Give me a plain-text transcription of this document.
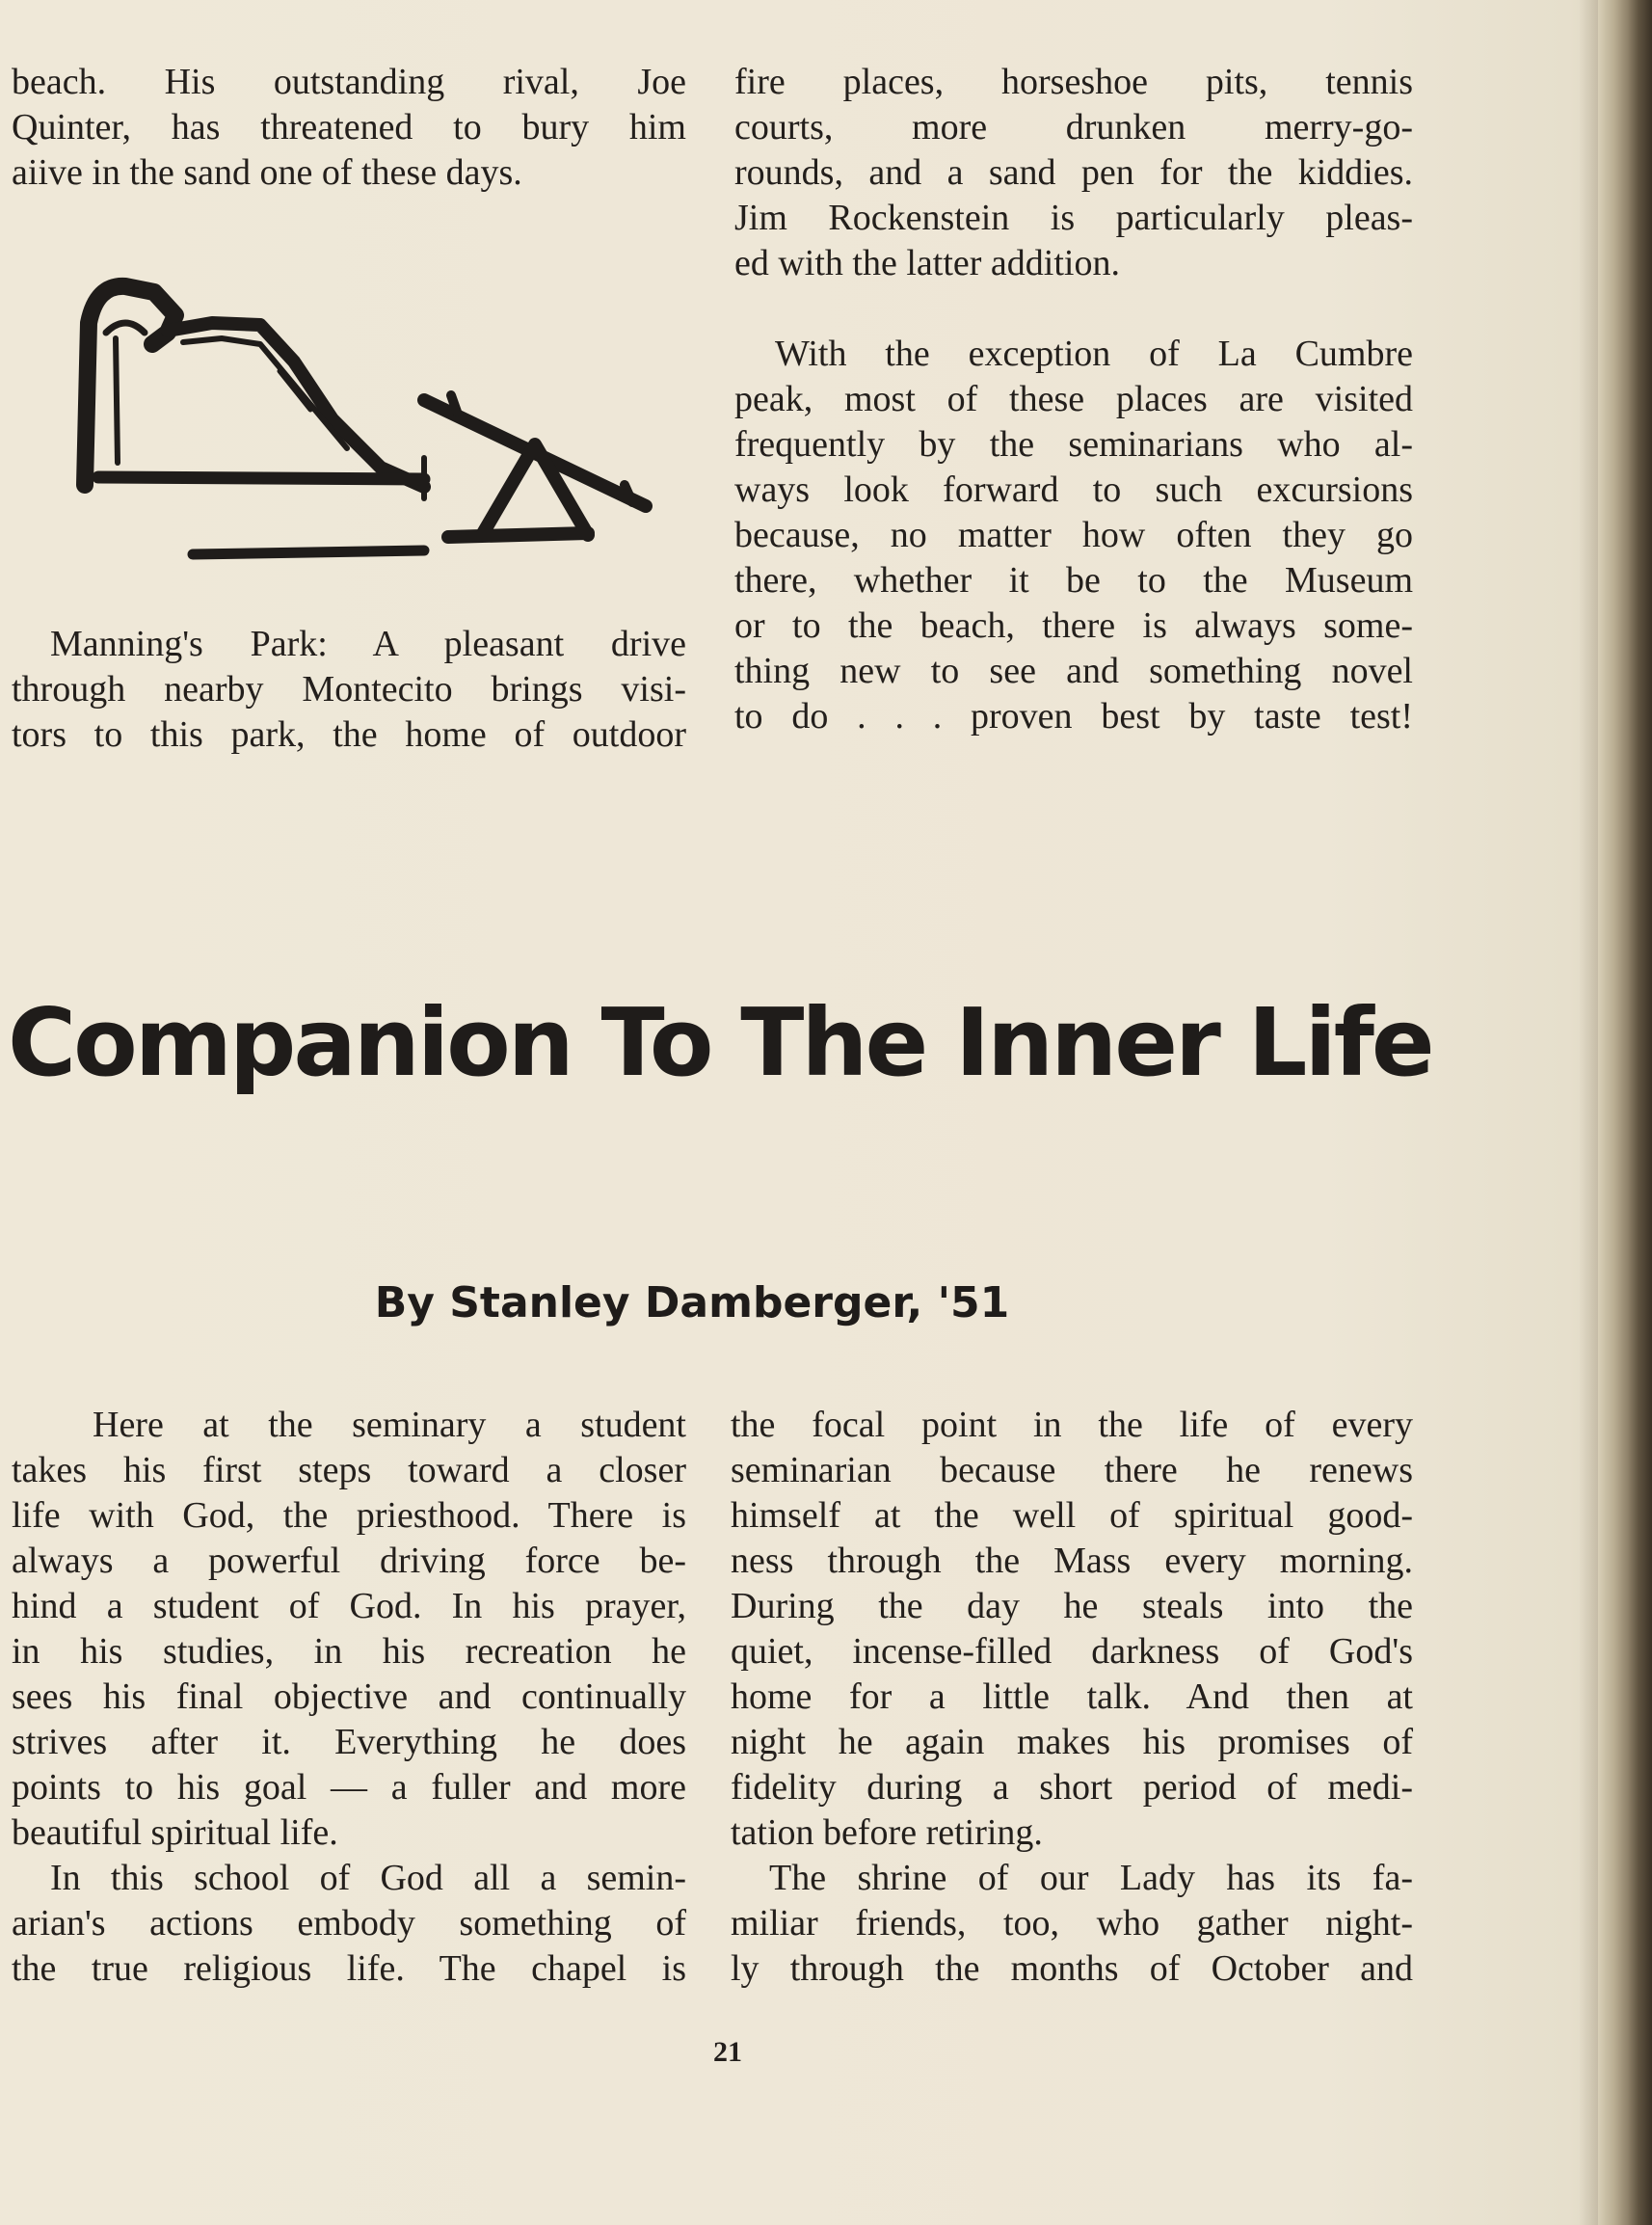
beach. His outstanding rival, Joe

Quinter, has threatened to bury him

aiive in the sand one of these days.

Manning's Park: A pleasant drive

through nearby Montecito brings visi-

tors to this park, the home of outdoor

fire places, horseshoe pits, tennis

courts, more drunken merry-go-

rounds, and a sand pen for the kiddies.

Jim Rockenstein is particularly pleas-

ed with the latter addition.

With the exception of La Cumbre

peak, most of these places are visited

frequently by the seminarians who al-

ways look forward to such excursions

because, no matter how often they go

there, whether it be to the Museum

or to the beach, there is always some-

thing new to see and something novel

to do . . . proven best by taste test!

Companion To The Inner Life
By Stanley Damberger, '51

Here at the seminary a student

takes his first steps toward a closer

life with God, the priesthood. There is

always a powerful driving force be-

hind a student of God. In his prayer,

in his studies, in his recreation he

sees his final objective and continually

strives after it. Everything he does

points to his goal — a fuller and more

beautiful spiritual life.

In this school of God all a semin-

arian's actions embody something of

the true religious life. The chapel is

the focal point in the life of every

seminarian because there he renews

himself at the well of spiritual good-

ness through the Mass every morning.

During the day he steals into the

quiet, incense-filled darkness of God's

home for a little talk. And then at

night he again makes his promises of

fidelity during a short period of medi-

tation before retiring.

The shrine of our Lady has its fa-

miliar friends, too, who gather night-

ly through the months of October and

21
